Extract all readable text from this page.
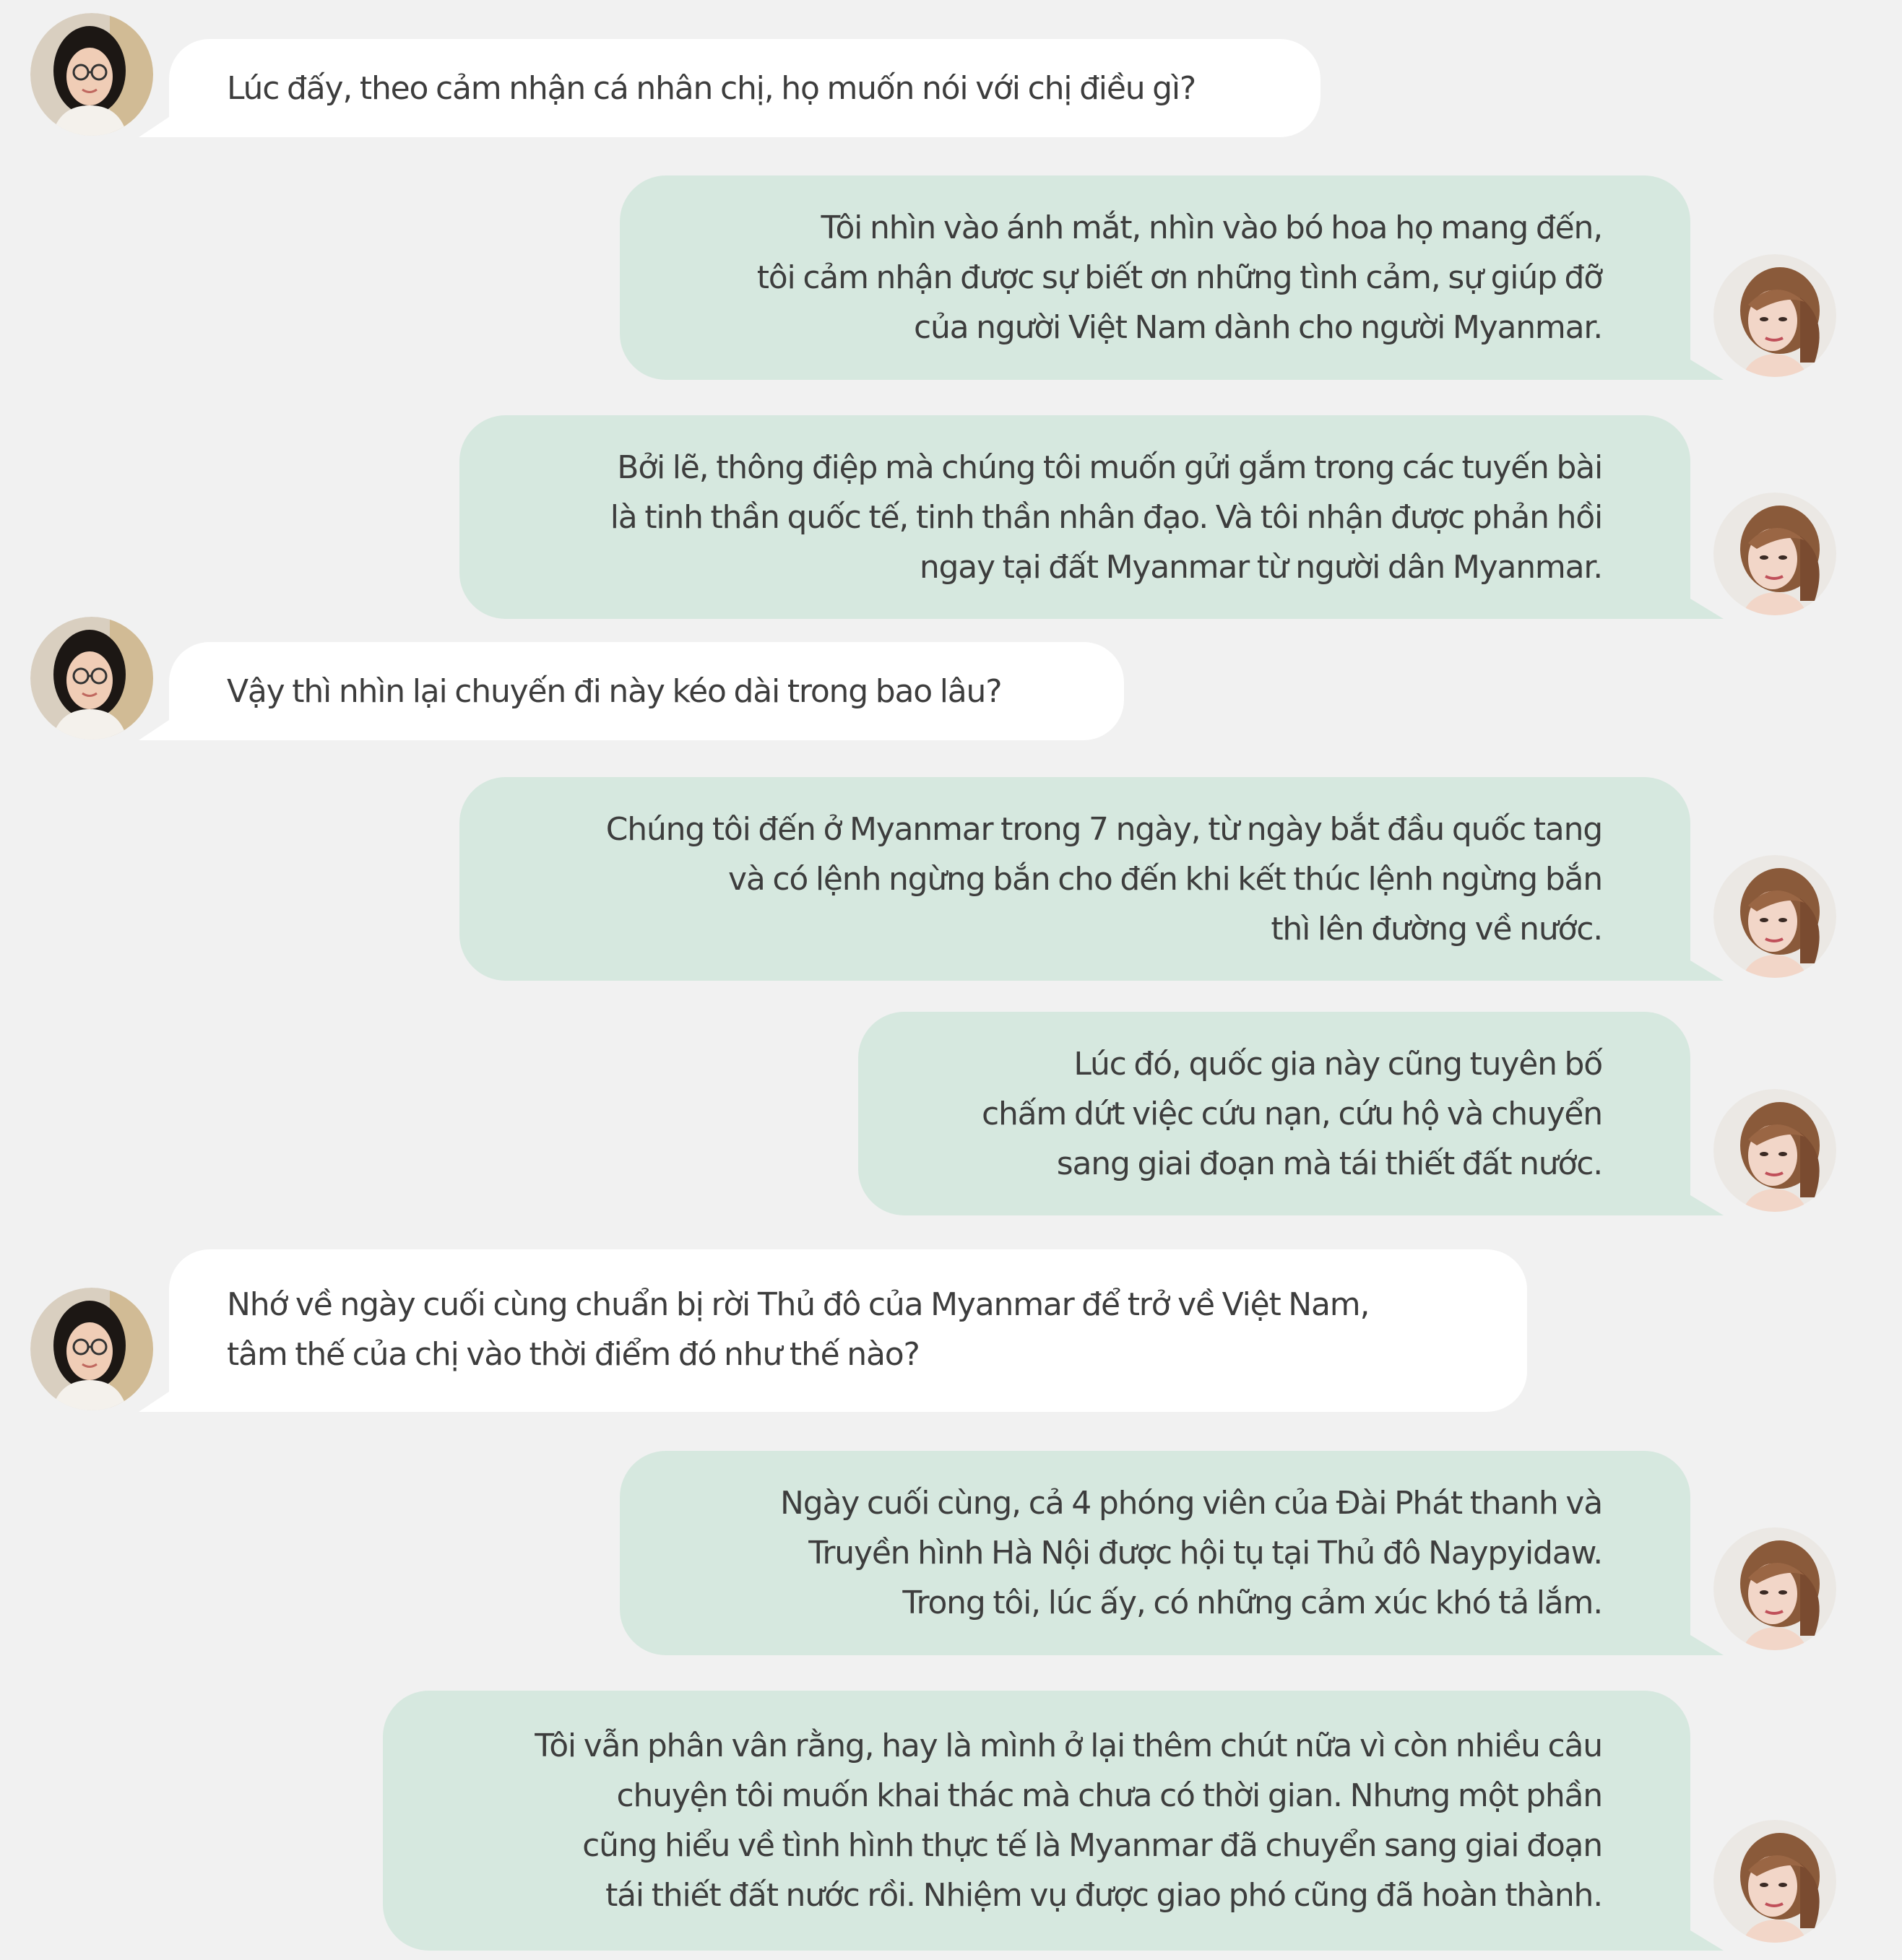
Lúc đấy, theo cảm nhận cá nhân chị, họ muốn nói với chị điều gì?
Tôi nhìn vào ánh mắt, nhìn vào bó hoa họ mang đến,
tôi cảm nhận được sự biết ơn những tình cảm, sự giúp đỡ
của người Việt Nam dành cho người Myanmar.
Bởi lẽ, thông điệp mà chúng tôi muốn gửi gắm trong các tuyến bài
là tinh thần quốc tế, tinh thần nhân đạo. Và tôi nhận được phản hồi
ngay tại đất Myanmar từ người dân Myanmar.
Vậy thì nhìn lại chuyến đi này kéo dài trong bao lâu?
Chúng tôi đến ở Myanmar trong 7 ngày, từ ngày bắt đầu quốc tang
và có lệnh ngừng bắn cho đến khi kết thúc lệnh ngừng bắn
thì lên đường về nước.
Lúc đó, quốc gia này cũng tuyên bố
chấm dứt việc cứu nạn, cứu hộ và chuyển
sang giai đoạn mà tái thiết đất nước.
Nhớ về ngày cuối cùng chuẩn bị rời Thủ đô của Myanmar để trở về Việt Nam,
tâm thế của chị vào thời điểm đó như thế nào?
Ngày cuối cùng, cả 4 phóng viên của Đài Phát thanh và
Truyền hình Hà Nội được hội tụ tại Thủ đô Naypyidaw.
Trong tôi, lúc ấy, có những cảm xúc khó tả lắm.
Tôi vẫn phân vân rằng, hay là mình ở lại thêm chút nữa vì còn nhiều câu
chuyện tôi muốn khai thác mà chưa có thời gian. Nhưng một phần
cũng hiểu về tình hình thực tế là Myanmar đã chuyển sang giai đoạn
tái thiết đất nước rồi. Nhiệm vụ được giao phó cũng đã hoàn thành.
